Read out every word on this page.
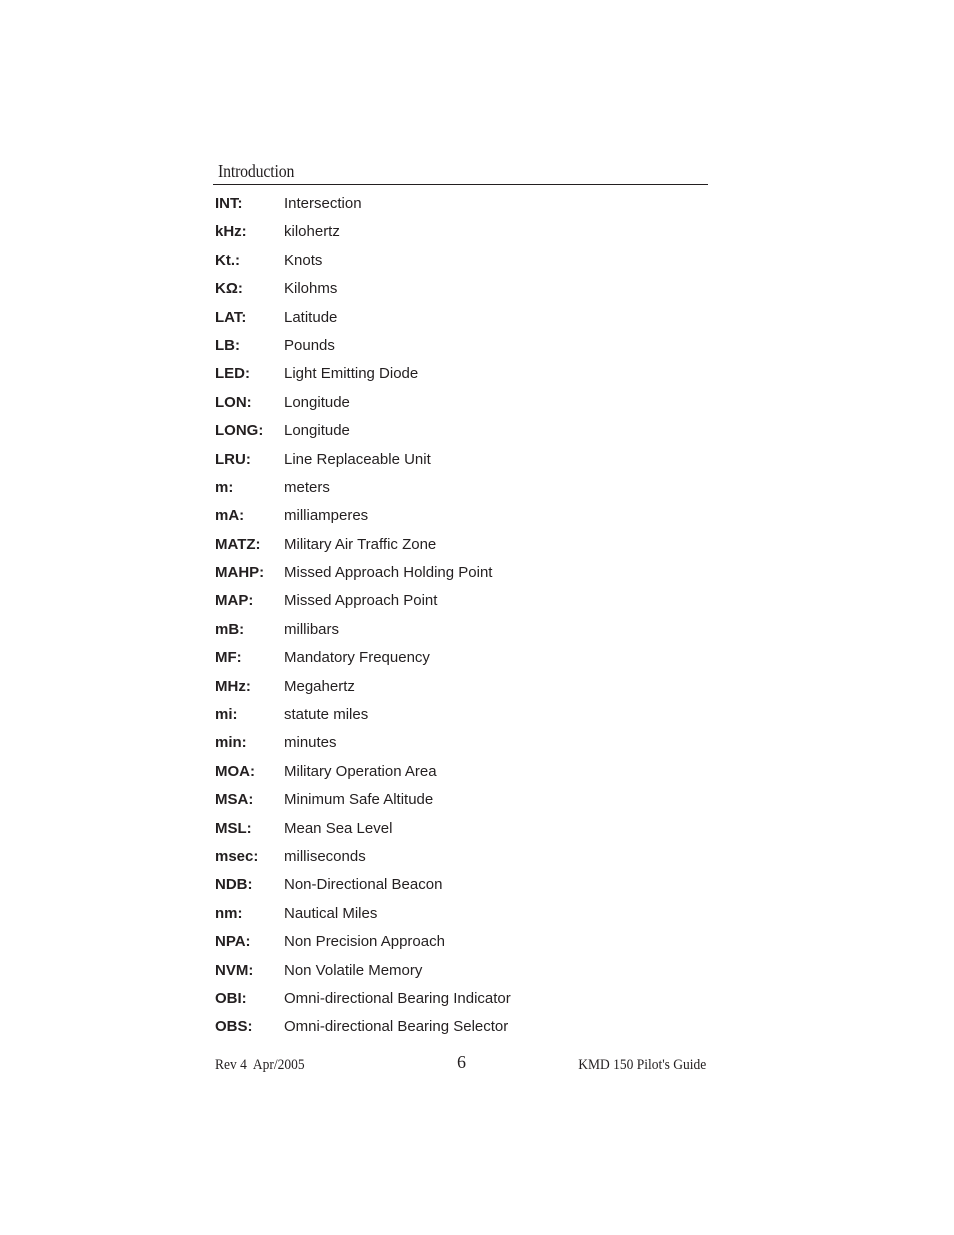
Introduction
INT:	Intersection
kHz: kilohertz
Kt.:	Knots
KΩ:	Kilohms
LAT:	Latitude
LB:	Pounds
LED: Light Emitting Diode
LON: Longitude
LONG: Longitude
LRU: Line Replaceable Unit
m:	meters
mA:	milliamperes
MATZ: Military Air Traffic Zone
MAHP: Missed Approach Holding Point
MAP: Missed Approach Point
mB:	millibars
MF:	Mandatory Frequency
MHz: Megahertz
mi:	statute miles
min: minutes
MOA: Military Operation Area
MSA: Minimum Safe Altitude
MSL: Mean Sea Level
msec: milliseconds
NDB: Non-Directional Beacon
nm:	Nautical Miles
NPA: Non Precision Approach
NVM: Non Volatile Memory
OBI: Omni-directional Bearing Indicator
OBS: Omni-directional Bearing Selector
Rev 4  Apr/2005	6	KMD 150 Pilot's Guide
